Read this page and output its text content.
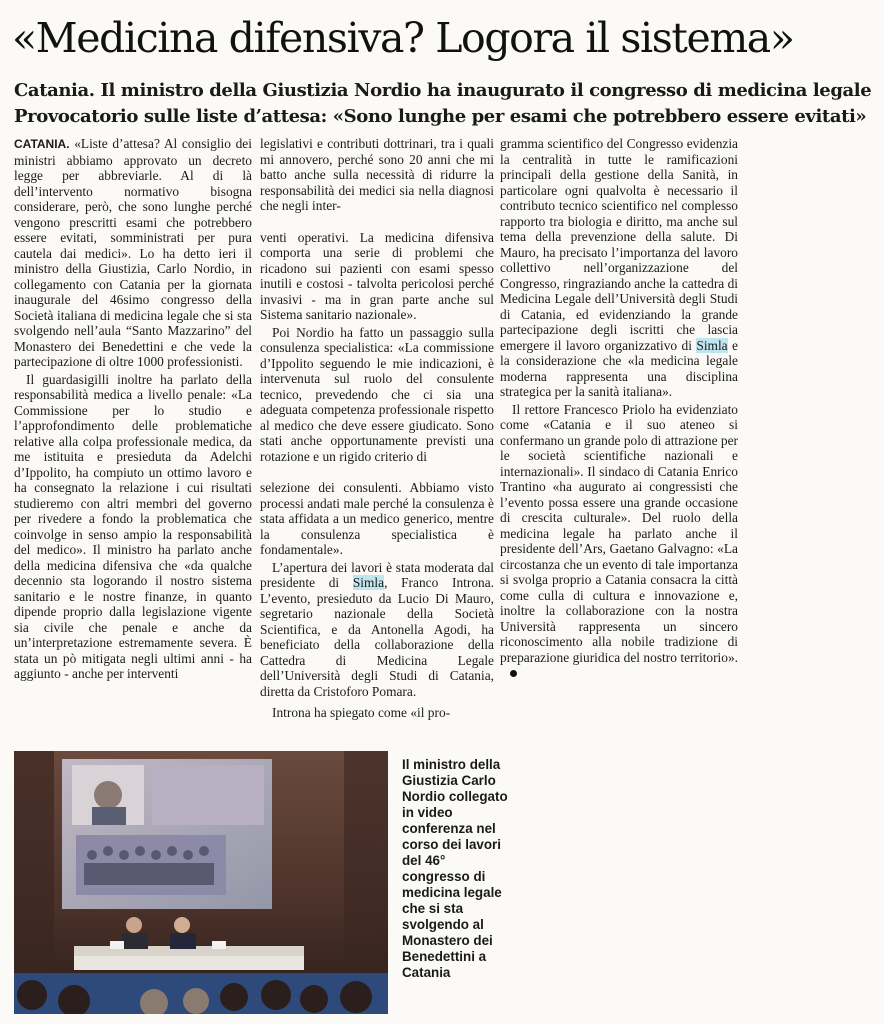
«Medicina difensiva? Logora il sistema»
Catania. Il ministro della Giustizia Nordio ha inaugurato il congresso di medicina legale
Provocatorio sulle liste d’attesa: «Sono lunghe per esami che potrebbero essere evitati»

CATANIA. «Liste d’attesa? Al consiglio dei ministri abbiamo approvato un decreto legge per abbreviarle. Al di là dell’intervento normativo bisogna considerare, però, che sono lunghe perché vengono prescritti esami che potrebbero essere evitati, somministrati per pura cautela dai medici». Lo ha detto ieri il ministro della Giustizia, Carlo Nordio, in collegamento con Catania per la giornata inaugurale del 46simo congresso della Società italiana di medicina legale che si sta svolgendo nell’aula “Santo Mazzarino” del Monastero dei Benedettini e che vede la partecipazione di oltre 1000 professionisti.

Il guardasigilli inoltre ha parlato della responsabilità medica a livello penale: «La Commissione per lo studio e l’approfondimento delle problematiche relative alla colpa professionale medica, da me istituita e presieduta da Adelchi d’Ippolito, ha compiuto un ottimo lavoro e ha consegnato la relazione i cui risultati studieremo con altri membri del governo per rivedere a fondo la problematica che coinvolge in senso ampio la responsabilità del medico». Il ministro ha parlato anche della medicina difensiva che «da qualche decennio sta logorando il nostro sistema sanitario e le nostre finanze, in quanto dipende proprio dalla legislazione vigente sia civile che penale e anche da un’interpretazione estremamente severa. È stata un pò mitigata negli ultimi anni - ha aggiunto - anche per interventi

legislativi e contributi dottrinari, tra i quali mi annovero, perché sono 20 anni che mi batto anche sulla necessità di ridurre la responsabilità dei medici sia nella diagnosi che negli inter-

venti operativi. La medicina difensiva comporta una serie di problemi che ricadono sui pazienti con esami spesso inutili e costosi - talvolta pericolosi perché invasivi - ma in gran parte anche sul Sistema sanitario nazionale».

Poi Nordio ha fatto un passaggio sulla consulenza specialistica: «La commissione d’Ippolito seguendo le mie indicazioni, è intervenuta sul ruolo del consulente tecnico, prevedendo che ci sia una adeguata competenza professionale rispetto al medico che deve essere giudicato. Sono stati anche opportunamente previsti una rotazione e un rigido criterio di

selezione dei consulenti. Abbiamo visto processi andati male perché la consulenza è stata affidata a un medico generico, mentre la consulenza specialistica è fondamentale».

L’apertura dei lavori è stata moderata dal presidente di Simla, Franco Introna. L’evento, presieduto da Lucio Di Mauro, segretario nazionale della Società Scientifica, e da Antonella Agodi, ha beneficiato della collaborazione della Cattedra di Medicina Legale dell’Università degli Studi di Catania, diretta da Cristoforo Pomara.

Introna ha spiegato come «il pro-

gramma scientifico del Congresso evidenzia la centralità in tutte le ramificazioni principali della gestione della Sanità, in particolare ogni qualvolta è necessario il contributo tecnico scientifico nel complesso rapporto tra biologia e diritto, ma anche sul tema della prevenzione della salute. Di Mauro, ha precisato l’importanza del lavoro collettivo nell’organizzazione del Congresso, ringraziando anche la cattedra di Medicina Legale dell’Università degli Studi di Catania, ed evidenziando la grande partecipazione degli iscritti che lascia emergere il lavoro organizzativo di Simla e la considerazione che «la medicina legale moderna rappresenta una disciplina strategica per la sanità italiana».

Il rettore Francesco Priolo ha evidenziato come «Catania e il suo ateneo si confermano un grande polo di attrazione per le società scientifiche nazionali e internazionali». Il sindaco di Catania Enrico Trantino «ha augurato ai congressisti che l’evento possa essere una grande occasione di crescita culturale». Del ruolo della medicina legale ha parlato anche il presidente dell’Ars, Gaetano Galvagno: «La circostanza che un evento di tale importanza si svolga proprio a Catania consacra la città come culla di cultura e innovazione e, inoltre la collaborazione con la nostra Università rappresenta un sincero riconoscimento alla nobile tradizione di preparazione giuridica del nostro territorio».

Il ministro della Giustizia Carlo Nordio collegato in video conferenza nel corso dei lavori del 46° congresso di medicina legale che si sta svolgendo al Monastero dei Benedettini a Catania
